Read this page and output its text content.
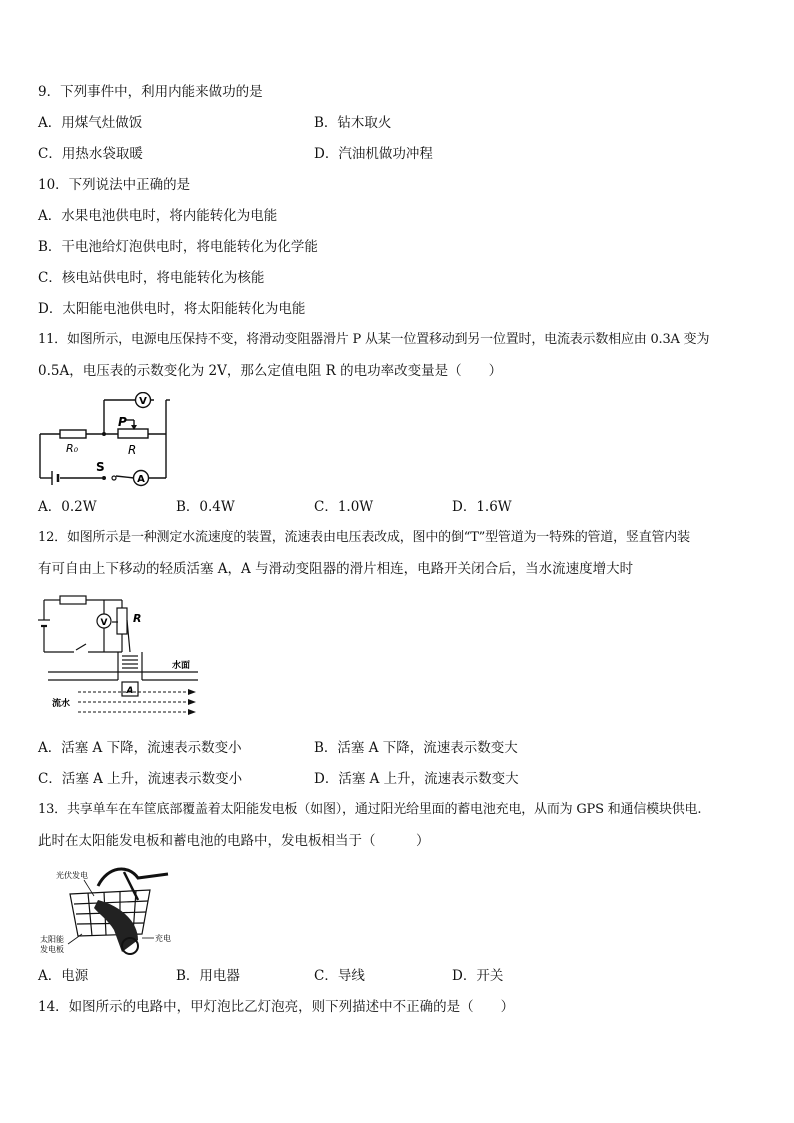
9．下列事件中，利用内能来做功的是
A．用煤气灶做饭	B．钻木取火
C．用热水袋取暖	D．汽油机做功冲程
10．下列说法中正确的是
A．水果电池供电时，将内能转化为电能
B．干电池给灯泡供电时，将电能转化为化学能
C．核电站供电时，将电能转化为核能
D．太阳能电池供电时，将太阳能转化为电能
11．如图所示，电源电压保持不变，将滑动变阻器滑片 P 从某一位置移动到另一位置时，电流表示数相应由 0.3A 变为
0.5A，电压表的示数变化为 2V，那么定值电阻 R 的电功率改变量是（　　）
V
A
P
R
R₀
S
A．0.2W	B．0.4W	C．1.0W	D．1.6W
12．如图所示是一种测定水流速度的装置，流速表由电压表改成，图中的倒“T”型管道为一特殊的管道，竖直管内装
有可自由上下移动的轻质活塞 A，A 与滑动变阻器的滑片相连，电路开关闭合后，当水流速度增大时
A
V R
水面
流水
A．活塞 A 下降，流速表示数变小	B．活塞 A 下降，流速表示数变大
C．活塞 A 上升，流速表示数变小	D．活塞 A 上升，流速表示数变大
13．共享单车在车筐底部覆盖着太阳能发电板（如图），通过阳光给里面的蓄电池充电，从而为 GPS 和通信模块供电.
此时在太阳能发电板和蓄电池的电路中，发电板相当于（　　　）
光伏发电
充电
太阳能
发电板
A．电源	B．用电器	C．导线	D．开关
14．如图所示的电路中，甲灯泡比乙灯泡亮，则下列描述中不正确的是（　　）
